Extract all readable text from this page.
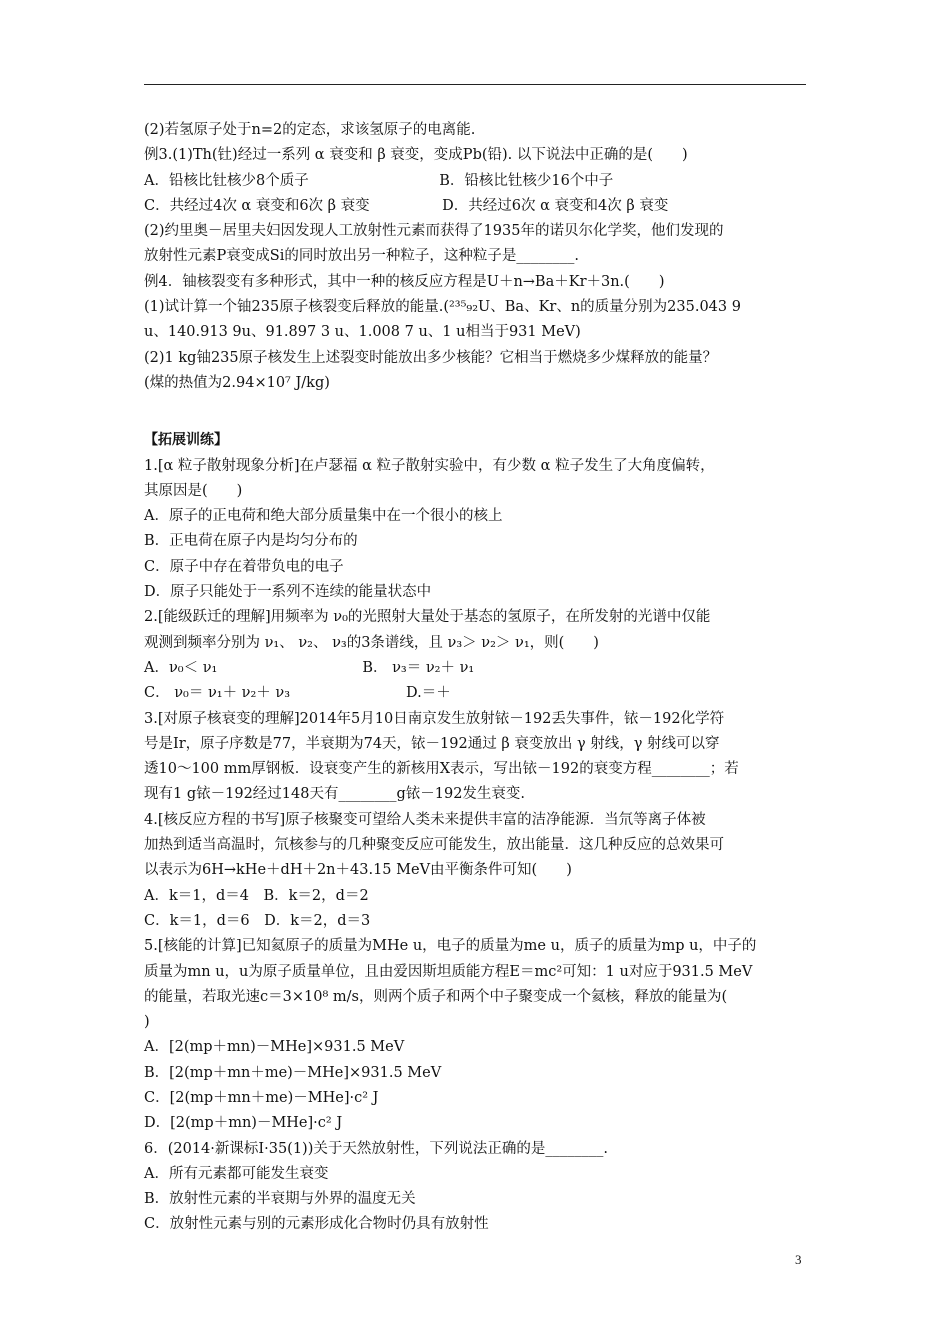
(2)若氢原子处于n=2的定态，求该氢原子的电离能.
例3.(1)Th(钍)经过一系列 α 衰变和 β 衰变，变成Pb(铅). 以下说法中正确的是(　　)
A．铅核比钍核少8个质子　　　　　　　　　B．铅核比钍核少16个中子
C．共经过4次 α 衰变和6次 β 衰变　　　　　D．共经过6次 α 衰变和4次 β 衰变
(2)约里奥－居里夫妇因发现人工放射性元素而获得了1935年的诺贝尔化学奖，他们发现的
放射性元素P衰变成Si的同时放出另一种粒子，这种粒子是________.
例4．铀核裂变有多种形式，其中一种的核反应方程是U＋n→Ba＋Kr＋3n.(　　)
(1)试计算一个铀235原子核裂变后释放的能量.(²³⁵₉₂U、Ba、Kr、n的质量分别为235.043 9
u、140.913 9u、91.897 3 u、1.008 7 u、1 u相当于931 MeV)
(2)1 kg铀235原子核发生上述裂变时能放出多少核能？它相当于燃烧多少煤释放的能量？
(煤的热值为2.94×10⁷ J/kg)
【拓展训练】
1.[α 粒子散射现象分析]在卢瑟福 α 粒子散射实验中，有少数 α 粒子发生了大角度偏转，
其原因是(　　)
A．原子的正电荷和绝大部分质量集中在一个很小的核上
B．正电荷在原子内是均匀分布的
C．原子中存在着带负电的电子
D．原子只能处于一系列不连续的能量状态中
2.[能级跃迁的理解]用频率为 ν₀的光照射大量处于基态的氢原子，在所发射的光谱中仅能
观测到频率分别为 ν₁、 ν₂、 ν₃的3条谱线，且 ν₃＞ ν₂＞ ν₁，则(　　)
A．ν₀＜ ν₁　　　　　　　　　　B． ν₃＝ ν₂＋ ν₁
C． ν₀＝ ν₁＋ ν₂＋ ν₃　　　　　　　　D.＝＋
3.[对原子核衰变的理解]2014年5月10日南京发生放射铱－192丢失事件，铱－192化学符
号是Ir，原子序数是77，半衰期为74天，铱－192通过 β 衰变放出 γ 射线，γ 射线可以穿
透10～100 mm厚钢板．设衰变产生的新核用X表示，写出铱－192的衰变方程________；若
现有1 g铱－192经过148天有________g铱－192发生衰变.
4.[核反应方程的书写]原子核聚变可望给人类未来提供丰富的洁净能源．当氘等离子体被
加热到适当高温时，氘核参与的几种聚变反应可能发生，放出能量．这几种反应的总效果可
以表示为6H→kHe＋dH＋2n＋43.15 MeV由平衡条件可知(　　)
A．k＝1，d＝4　B．k＝2，d＝2
C．k＝1，d＝6　D．k＝2，d＝3
5.[核能的计算]已知氦原子的质量为MHe u，电子的质量为me u，质子的质量为mp u，中子的
质量为mn u，u为原子质量单位，且由爱因斯坦质能方程E＝mc²可知：1 u对应于931.5 MeV
的能量，若取光速c＝3×10⁸ m/s，则两个质子和两个中子聚变成一个氦核，释放的能量为(
)
A．[2(mp＋mn)－MHe]×931.5 MeV
B．[2(mp＋mn＋me)－MHe]×931.5 MeV
C．[2(mp＋mn＋me)－MHe]·c² J
D．[2(mp＋mn)－MHe]·c² J
6．(2014·新课标Ⅰ·35(1))关于天然放射性，下列说法正确的是________.
A．所有元素都可能发生衰变
B．放射性元素的半衰期与外界的温度无关
C．放射性元素与别的元素形成化合物时仍具有放射性
3
